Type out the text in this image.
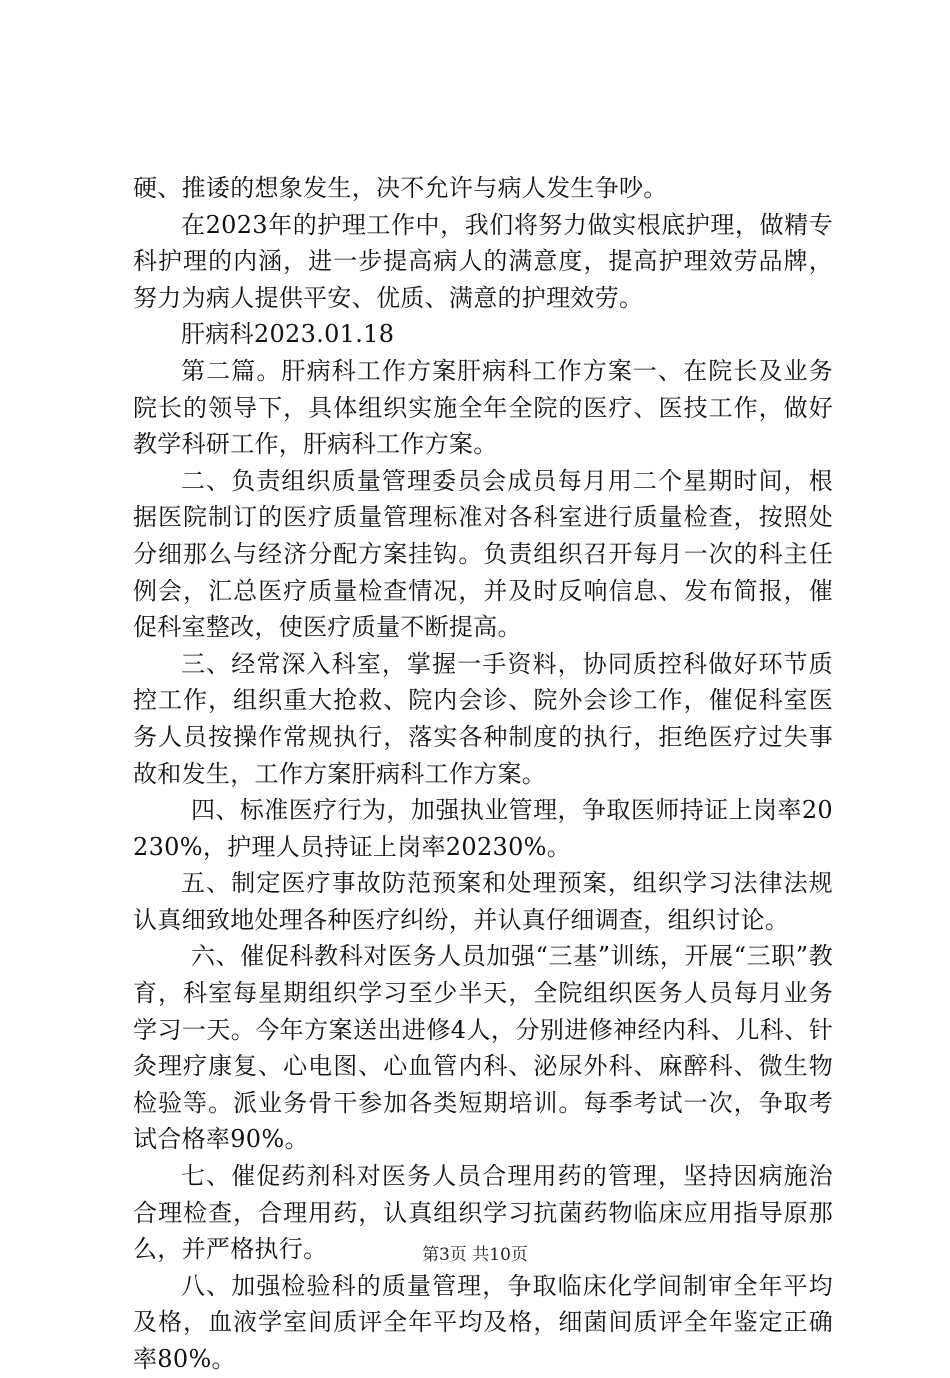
硬、推诿的想象发生，决不允许与病人发生争吵。

在2023年的护理工作中，我们将努力做实根底护理，做精专科护理的内涵，进一步提高病人的满意度，提高护理效劳品牌，努力为病人提供平安、优质、满意的护理效劳。

肝病科2023.01.18

第二篇。肝病科工作方案肝病科工作方案一、在院长及业务院长的领导下，具体组织实施全年全院的医疗、医技工作，做好教学科研工作，肝病科工作方案。

二、负责组织质量管理委员会成员每月用二个星期时间，根据医院制订的医疗质量管理标准对各科室进行质量检查，按照处分细那么与经济分配方案挂钩。负责组织召开每月一次的科主任例会，汇总医疗质量检查情况，并及时反响信息、发布简报，催促科室整改，使医疗质量不断提高。

三、经常深入科室，掌握一手资料，协同质控科做好环节质控工作，组织重大抢救、院内会诊、院外会诊工作，催促科室医务人员按操作常规执行，落实各种制度的执行，拒绝医疗过失事故和发生，工作方案肝病科工作方案。

四、标准医疗行为，加强执业管理，争取医师持证上岗率20230%，护理人员持证上岗率20230%。

五、制定医疗事故防范预案和处理预案，组织学习法律法规认真细致地处理各种医疗纠纷，并认真仔细调查，组织讨论。

六、催促科教科对医务人员加强“三基”训练，开展“三职”教育，科室每星期组织学习至少半天，全院组织医务人员每月业务学习一天。今年方案送出进修4人，分别进修神经内科、儿科、针灸理疗康复、心电图、心血管内科、泌尿外科、麻醉科、微生物检验等。派业务骨干参加各类短期培训。每季考试一次，争取考试合格率90%。

七、催促药剂科对医务人员合理用药的管理，坚持因病施治合理检查，合理用药，认真组织学习抗菌药物临床应用指导原那么，并严格执行。

八、加强检验科的质量管理，争取临床化学间制审全年平均及格，血液学室间质评全年平均及格，细菌间质评全年鉴定正确率80%。

第3页 共10页
